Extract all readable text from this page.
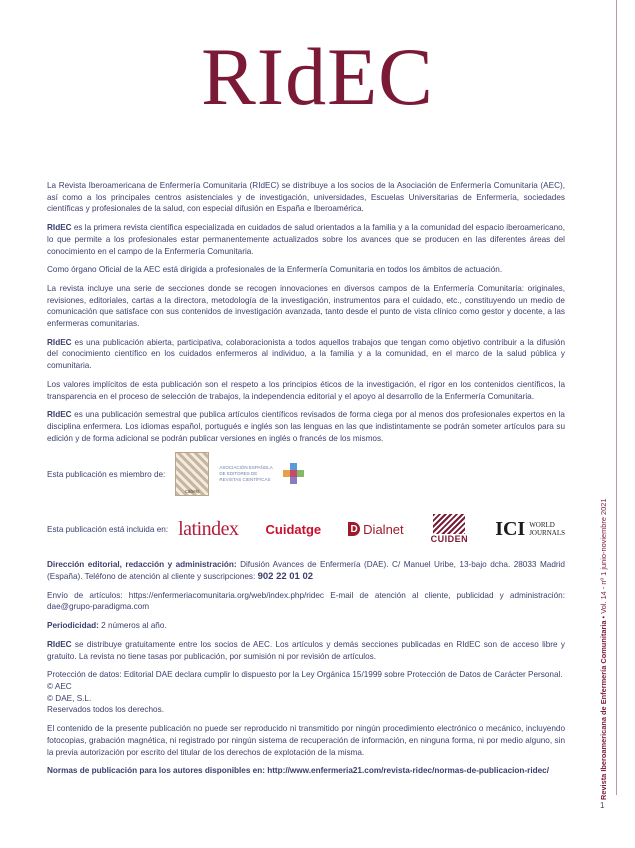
RIdEC

La Revista Iberoamericana de Enfermería Comunitaria (RIdEC) se distribuye a los socios de la Asociación de Enfermería Comunitaria (AEC), así como a los principales centros asistenciales y de investigación, universidades, Escuelas Universitarias de Enfermería, sociedades científicas y profesionales de la salud, con especial difusión en España e Iberoamérica.

RIdEC es la primera revista científica especializada en cuidados de salud orientados a la familia y a la comunidad del espacio iberoamericano, lo que permite a los profesionales estar permanentemente actualizados sobre los avances que se producen en las diferentes áreas del conocimiento en el campo de la Enfermería Comunitaria.

Como órgano Oficial de la AEC está dirigida a profesionales de la Enfermería Comunitaria en todos los ámbitos de actuación.

La revista incluye una serie de secciones donde se recogen innovaciones en diversos campos de la Enfermería Comunitaria: originales, revisiones, editoriales, cartas a la directora, metodología de la investigación, instrumentos para el cuidado, etc., constituyendo un medio de comunicación que satisface con sus contenidos de investigación avanzada, tanto desde el punto de vista clínico como gestor y docente, a las enfermeras comunitarias.

RIdEC es una publicación abierta, participativa, colaboracionista a todos aquellos trabajos que tengan como objetivo contribuir a la difusión del conocimiento científico en los cuidados enfermeros al individuo, a la familia y a la comunidad, en el marco de la salud pública y comunitaria.

Los valores implícitos de esta publicación son el respeto a los principios éticos de la investigación, el rigor en los contenidos científicos, la transparencia en el proceso de selección de trabajos, la independencia editorial y el apoyo al desarrollo de la Enfermería Comunitaria.

RIdEC es una publicación semestral que publica artículos científicos revisados de forma ciega por al menos dos profesionales expertos en la disciplina enfermera. Los idiomas español, portugués e inglés son las lenguas en las que indistintamente se podrán someter artículos para su edición y de forma adicional se podrán publicar versiones en inglés o francés de los mismos.

Esta publicación es miembro de:
cabeis
ASOCIACIÓN ESPAÑOLA DE EDITORES DE REVISTAS CIENTÍFICAS
Esta publicación está incluida en: latindex Cuidatge	D Dialnet
CUIDEN ICI WORLD
JOURNALS

Dirección editorial, redacción y administración: Difusión Avances de Enfermería (DAE). C/ Manuel Uribe, 13-bajo dcha. 28033 Madrid (España). Teléfono de atención al cliente y suscripciones: 902 22 01 02

Envío de artículos: https://enfermeriacomunitaria.org/web/index.php/ridec E-mail de atención al cliente, publicidad y administración: dae@grupo-paradigma.com

Periodicidad: 2 números al año.

RIdEC se distribuye gratuitamente entre los socios de AEC. Los artículos y demás secciones publicadas en RIdEC son de acceso libre y gratuito. La revista no tiene tasas por publicación, por sumisión ni por revisión de artículos.

Protección de datos: Editorial DAE declara cumplir lo dispuesto por la Ley Orgánica 15/1999 sobre Protección de Datos de Carácter Personal.
© AEC
© DAE, S.L.
Reservados todos los derechos.

El contenido de la presente publicación no puede ser reproducido ni transmitido por ningún procedimiento electrónico o mecánico, incluyendo fotocopias, grabación magnética, ni registrado por ningún sistema de recuperación de información, en ninguna forma, ni por medio alguno, sin la previa autorización por escrito del titular de los derechos de explotación de la misma.

Normas de publicación para los autores disponibles en: http://www.enfermeria21.com/revista-ridec/normas-de-publicacion-ridec/	Revista Iberoamericana de Enfermería Comunitaria • Vol. 14 - nº 1 junio-noviembre 2021
1
